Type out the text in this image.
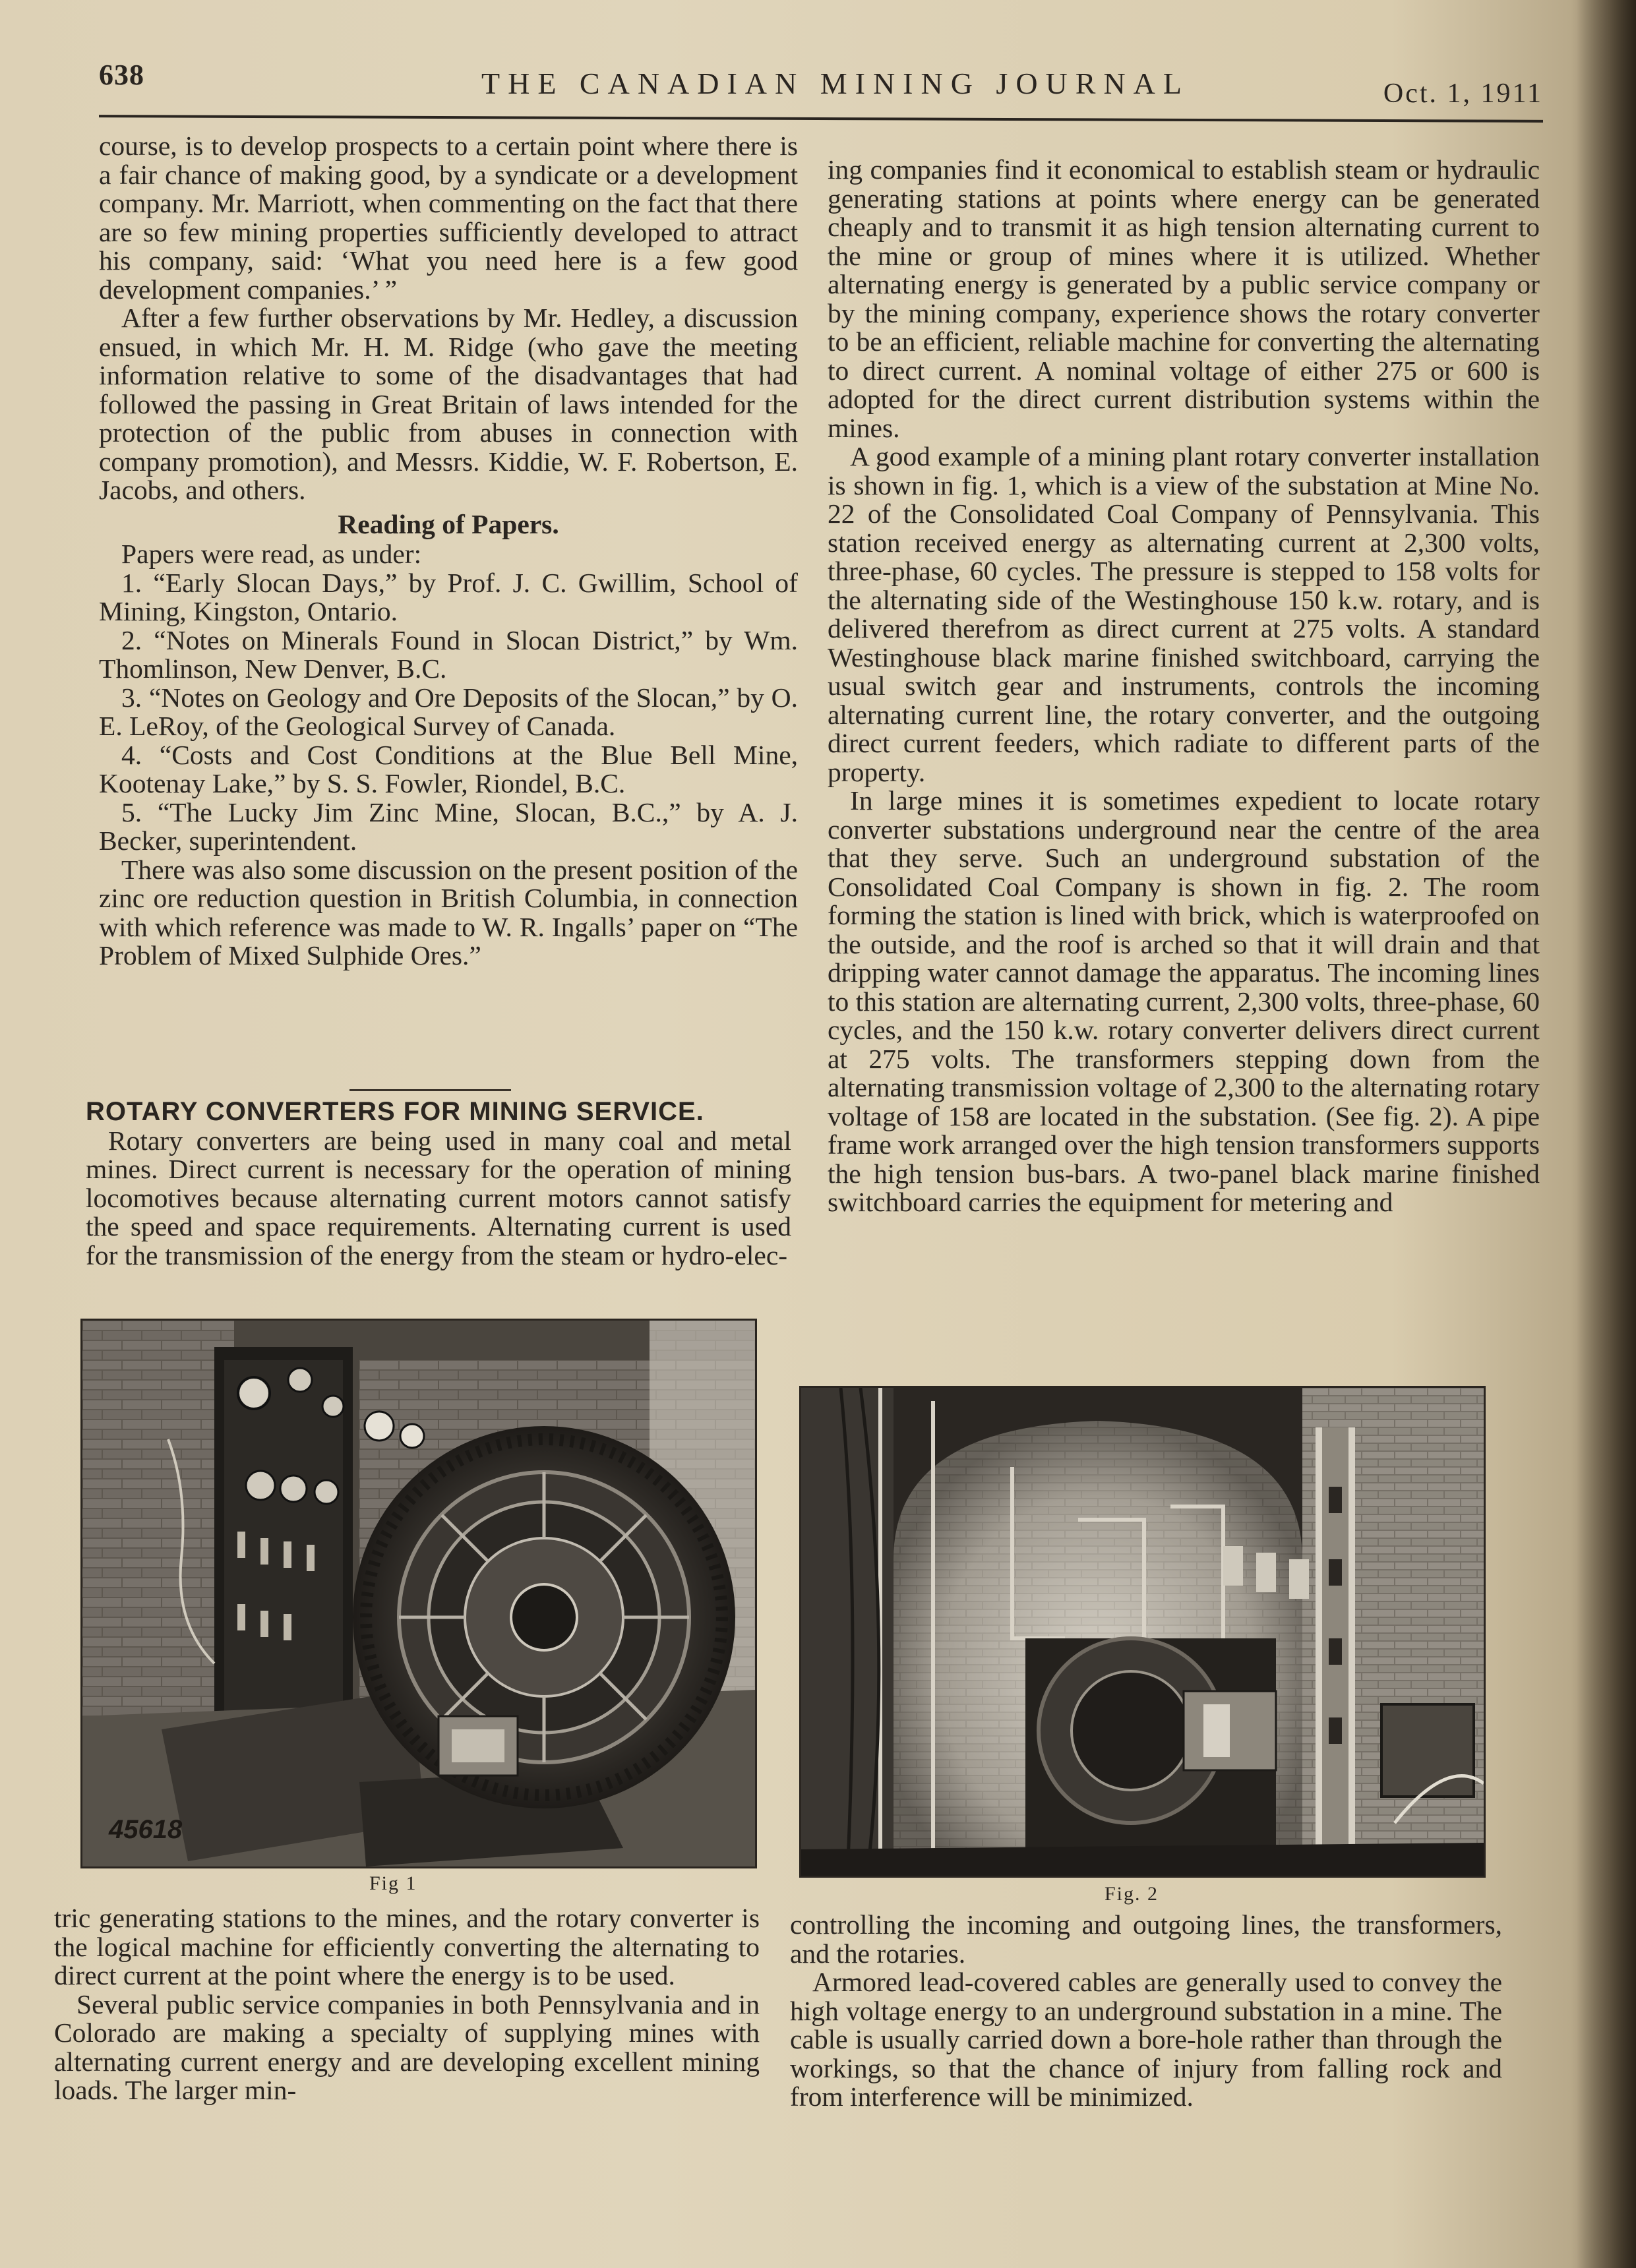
638	THE CANADIAN MINING JOURNAL	Oct. 1, 1911

course, is to develop prospects to a certain point where there is a fair chance of making good, by a syndicate or a development company. Mr. Marriott, when commenting on the fact that there are so few mining properties sufficiently developed to attract his company, said: ‘What you need here is a few good development companies.’ ”

After a few further observations by Mr. Hedley, a discussion ensued, in which Mr. H. M. Ridge (who gave the meeting information relative to some of the disadvantages that had followed the passing in Great Britain of laws intended for the protection of the public from abuses in connection with company promotion), and Messrs. Kiddie, W. F. Robertson, E. Jacobs, and others.

Reading of Papers.

Papers were read, as under:

1. “Early Slocan Days,” by Prof. J. C. Gwillim, School of Mining, Kingston, Ontario.

2. “Notes on Minerals Found in Slocan District,” by Wm. Thomlinson, New Denver, B.C.

3. “Notes on Geology and Ore Deposits of the Slocan,” by O. E. LeRoy, of the Geological Survey of Canada.

4. “Costs and Cost Conditions at the Blue Bell Mine, Kootenay Lake,” by S. S. Fowler, Riondel, B.C.

5. “The Lucky Jim Zinc Mine, Slocan, B.C.,” by A. J. Becker, superintendent.

There was also some discussion on the present position of the zinc ore reduction question in British Columbia, in connection with which reference was made to W. R. Ingalls’ paper on “The Problem of Mixed Sulphide Ores.”

ROTARY CONVERTERS FOR MINING SERVICE.

Rotary converters are being used in many coal and metal mines. Direct current is necessary for the operation of mining locomotives because alternating current motors cannot satisfy the speed and space requirements. Alternating current is used for the transmission of the energy from the steam or hydro-elec-

ing companies find it economical to establish steam or hydraulic generating stations at points where energy can be generated cheaply and to transmit it as high tension alternating current to the mine or group of mines where it is utilized. Whether alternating energy is generated by a public service company or by the mining company, experience shows the rotary converter to be an efficient, reliable machine for converting the alternating to direct current. A nominal voltage of either 275 or 600 is adopted for the direct current distribution systems within the mines.

A good example of a mining plant rotary converter installation is shown in fig. 1, which is a view of the substation at Mine No. 22 of the Consolidated Coal Company of Pennsylvania. This station received energy as alternating current at 2,300 volts, three-phase, 60 cycles. The pressure is stepped to 158 volts for the alternating side of the Westinghouse 150 k.w. rotary, and is delivered therefrom as direct current at 275 volts. A standard Westinghouse black marine finished switchboard, carrying the usual switch gear and instruments, controls the incoming alternating current line, the rotary converter, and the outgoing direct current feeders, which radiate to different parts of the property.

In large mines it is sometimes expedient to locate rotary converter substations underground near the centre of the area that they serve. Such an underground substation of the Consolidated Coal Company is shown in fig. 2. The room forming the station is lined with brick, which is waterproofed on the outside, and the roof is arched so that it will drain and that dripping water cannot damage the apparatus. The incoming lines to this station are alternating current, 2,300 volts, three-phase, 60 cycles, and the 150 k.w. rotary converter delivers direct current at 275 volts. The transformers stepping down from the alternating transmission voltage of 2,300 to the alternating rotary voltage of 158 are located in the substation. (See fig. 2). A pipe frame work arranged over the high tension transformers supports the high tension bus-bars. A two-panel black marine finished switchboard carries the equipment for metering and

45618
Fig 1	Fig. 2

tric generating stations to the mines, and the rotary converter is the logical machine for efficiently converting the alternating to direct current at the point where the energy is to be used.

Several public service companies in both Pennsylvania and in Colorado are making a specialty of supplying mines with alternating current energy and are developing excellent mining loads. The larger min-

controlling the incoming and outgoing lines, the transformers, and the rotaries.

Armored lead-covered cables are generally used to convey the high voltage energy to an underground substation in a mine. The cable is usually carried down a bore-hole rather than through the workings, so that the chance of injury from falling rock and from interference will be minimized.
